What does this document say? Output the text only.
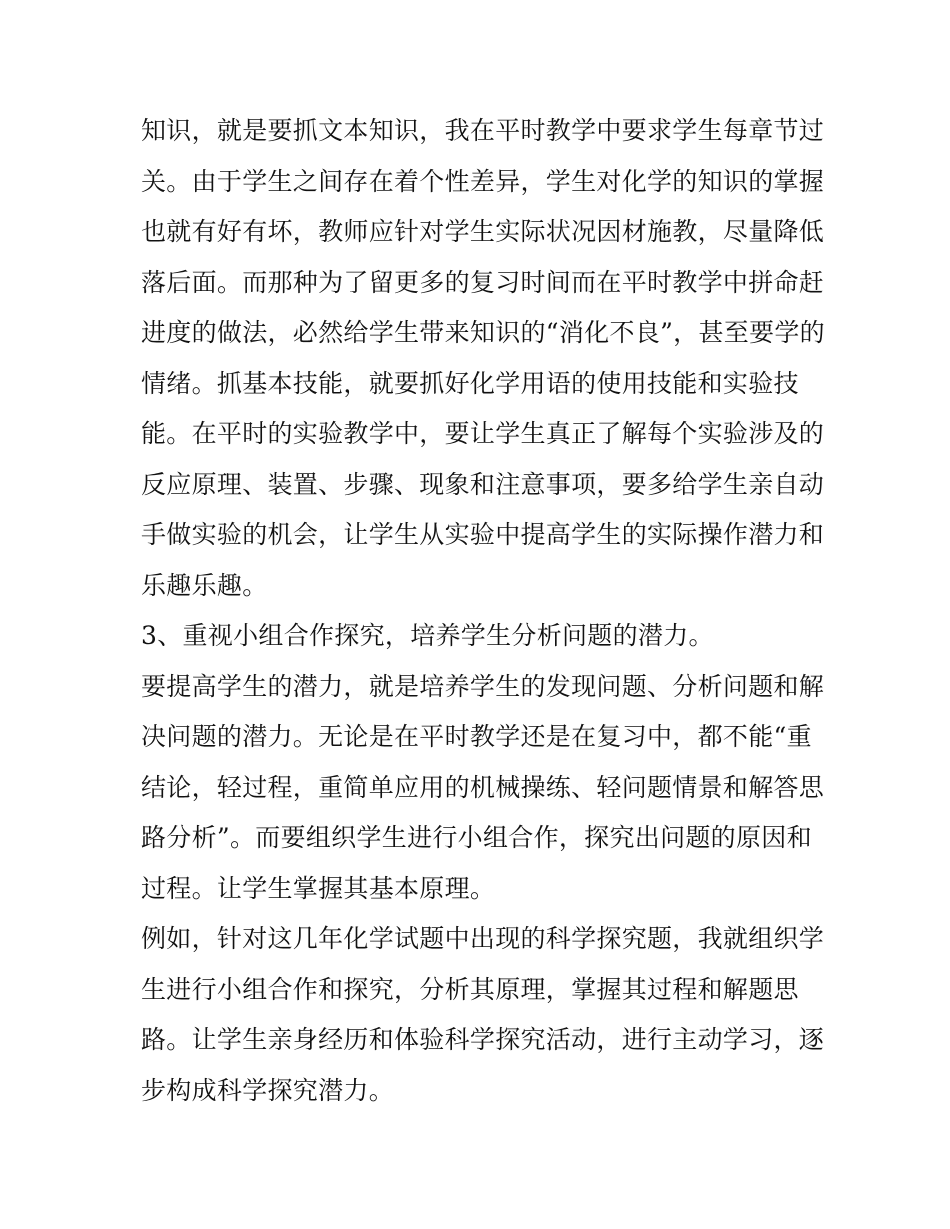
知识，就是要抓文本知识，我在平时教学中要求学生每章节过
关。由于学生之间存在着个性差异，学生对化学的知识的掌握
也就有好有坏，教师应针对学生实际状况因材施教，尽量降低
落后面。而那种为了留更多的复习时间而在平时教学中拼命赶
进度的做法，必然给学生带来知识的“消化不良”，甚至要学的
情绪。抓基本技能，就要抓好化学用语的使用技能和实验技
能。在平时的实验教学中，要让学生真正了解每个实验涉及的
反应原理、装置、步骤、现象和注意事项，要多给学生亲自动
手做实验的机会，让学生从实验中提高学生的实际操作潜力和
乐趣乐趣。

3、重视小组合作探究，培养学生分析问题的潜力。

要提高学生的潜力，就是培养学生的发现问题、分析问题和解
决问题的潜力。无论是在平时教学还是在复习中，都不能“重
结论，轻过程，重简单应用的机械操练、轻问题情景和解答思
路分析”。而要组织学生进行小组合作，探究出问题的原因和
过程。让学生掌握其基本原理。

例如，针对这几年化学试题中出现的科学探究题，我就组织学
生进行小组合作和探究，分析其原理，掌握其过程和解题思
路。让学生亲身经历和体验科学探究活动，进行主动学习，逐
步构成科学探究潜力。
